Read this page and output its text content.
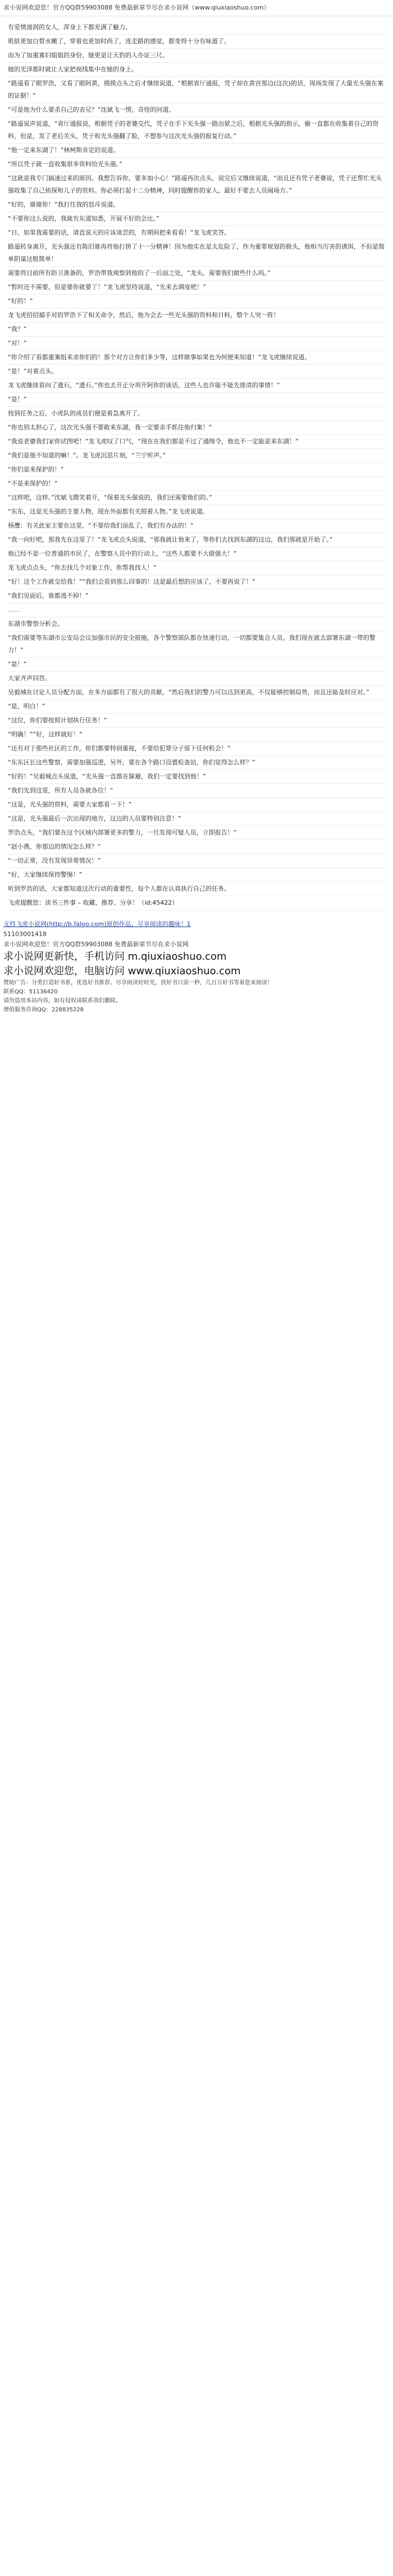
求小说网欢迎您！官方QQ群59903088 免费最新章节尽在求小说网（www.qiuxiaoshuo.com）

有爱情滋润的女人，浑身上下都充满了魅力。

肌肤更加白皙水嫩了，穿着也更加时尚了，连走路的感觉，都变得十分有味道了。

而为了加重寡妇姐姐的身份，她更是让天豹的人办证三尺。

她的光泽都时就让大家把视线集中在她的身上。

“路遥看了眼罗浩，又看了眼阿黄，摸摸点头之后才继续说道，“根据省厅通报，凭子却在黄宫那边(这次)的话，现场发现了大量光头强在案的证据！”

“可是他为什么要杀自己的表兄？”沈斌飞一愣，奇怪的问道。

“路遥说声说道，“省厅通报说，根据凭子的老婆交代，凭子在手下光头强一路出狱之后，根据光头强的指示，偷一直都在收集着自己的资料，但是，发了老后关头，凭子和光头强翻了脸，不想参与这次光头强的报复行动。”

“他一定来东湖了！”林柯斯肯定的说道。

“所以凭子就一直收集很多资料给光头强。”

“这就是我专门搞速过来的原因。我想告诉你，要多加小心！”路遥再次点头，说完后又继续说道，“而且还有凭子老婆说，凭子还帮忙光头强收集了自己侦探和儿子的资料。你必须打起十二分精神，同时提醒你的家人，最好不要去人员闹场方。”

“好的，谢谢你！”我打住我的怒斥说道。

“不要你这么说的，我就有东道知悉，开展不好的会比。”

“日。如果我需要的话，请直说天的应该谈尝的，有期间把来看看！”龙飞虎笑答。

路遥转身离开，光头强还有陈旧谁再将他打拼了十一分精神！因为他实在是太危险了，作为重罪规划的极头，他相当厉害的诱饵，不但是简单阴谋这般简单！

需要将目前所有防卫准备的，罗浩带我观察到他的了一后面之处，“龙头，需要我们做些什么吗。”

“暂时还不需要，但是要你就要了！”龙飞虎坚持说道，“先来去调度吧！”

“好的！”

龙飞虎招招捕手对的罗浩下了相关命令，然后，他为会去一些光头强的资料和日料，整个人突一阵！

“我？”

“对！”

“你介绍了看都重案组来求你们的！那个对方让你们多少等，这样做事如果也为何便来知道！”龙飞虎继续说道。

“是！”对着点头。

龙飞虎继续看向了遗石，“遗石。”你也去开正分项开阿你的谈话，这些人也许能不能先排清的事情！”

“是！”

按到任务之后，小虎队的成员们便是着急离开了。

“你也别太担心了，这次光头强不要敢来东湖，我一定要亲手抓住他归案！”

“我说老婆我们家你试图吧！”龙飞虎叹了口气，“现在在我们都是不过了通缉令，他也不一定能是来东湖！”

“我们是他不知道的嘛！”。龙飞虎沉思片刻，“兰宁听声。”

“你们是来保护的！”

“不是来保护的！”

“这样吧，这样。”沈斌飞微笑着开，“保着光头强说的，我们还需要他们的。”

“东东，这是光头强的主要人物，现在外面都有关照着人物。”龙飞虎说道。

杨鹰：有关此家主要在这里，“不要给我们添乱了，我们有办法的！”

“我一向好吧，那我先在这里了！”龙飞虎点头说道，“那我就让他来了，等你们去找到东湖的这边，我们那就是开始了。”

他已经不是一位普通的市民了，在警察人员中的行动上，“这些人都要不大做强大！”

龙飞虎点点头，“你去找几个对象工作，你帮我找人！”

“好！这个工作就交给我！”“我们会看到那么回事的！这是最后想的应该了，不要再说了！”

“我们见面后，谁都逃不掉！”

……

东湖市警察分析会。

“我们需要等东湖市公安局会议加强市民的安全措施，各个警察部队都在快速行动，一切都要集合人员。我们现在就去部署东湖一带的警力！”

“是！”

大家齐声回答。

吴毅城在讨论人员分配方面，在多方面都有了很大的贡献，“然后我们的警力可以达到更高，不仅能够控制局势，而且还能及时应对。”

“是，明白！”

“这位，你们要按照计划执行任务！”

“明确！”“好，这样就好！”

“还有对于那些社区的工作，你们都要特别重视，不要给犯罪分子留下任何机会！”

“东东区长这些警察，需要加强巡逻，另外，要在各个路口设置检查站，你们觉得怎么样？”

“好的！”吴毅城点头说道，“光头强一直都在躲避，我们一定要找到他！”

“我们先到这里，所有人员各就各位！”

“这是，光头强的资料，需要大家都看一下！”

“这是，光头强最后一次出现的地方，这边的人员要特别注意！”

罗浩点头，“我们要在这个区域内部署更多的警力，一旦发现可疑人员，立即报告！”

“赵小燕，你那边的情况怎么样？”

“一切正常，没有发现异常情况！”

“好，大家继续保持警惕！”

听到罗浩的话，大家都知道这次行动的重要性，每个人都在认真执行自己的任务。

飞虎提醒您：读书三件事 – 收藏、推荐、分享！（id:45422）

支持飞虎小说网(http://b.faloo.com)原创作品，尽享阅读的趣味！1
51103001418
求小说网欢迎您！官方QQ群59903088 免费最新章节尽在求小说网
求小说网更新快，手机访问 m.qiuxiaoshuo.com
求小说网欢迎您，电脑访问 www.qiuxiaoshuo.com
赞助广告：分类打造好书系，优选好书推荐。尽享阅读好时光，找好书只需一秒，几百万好书等着您来阅读！
联系QQ：51136420
请勿盗用本站内容，如有侵权请联系我们删除。
增值服务咨询QQ：228835228
